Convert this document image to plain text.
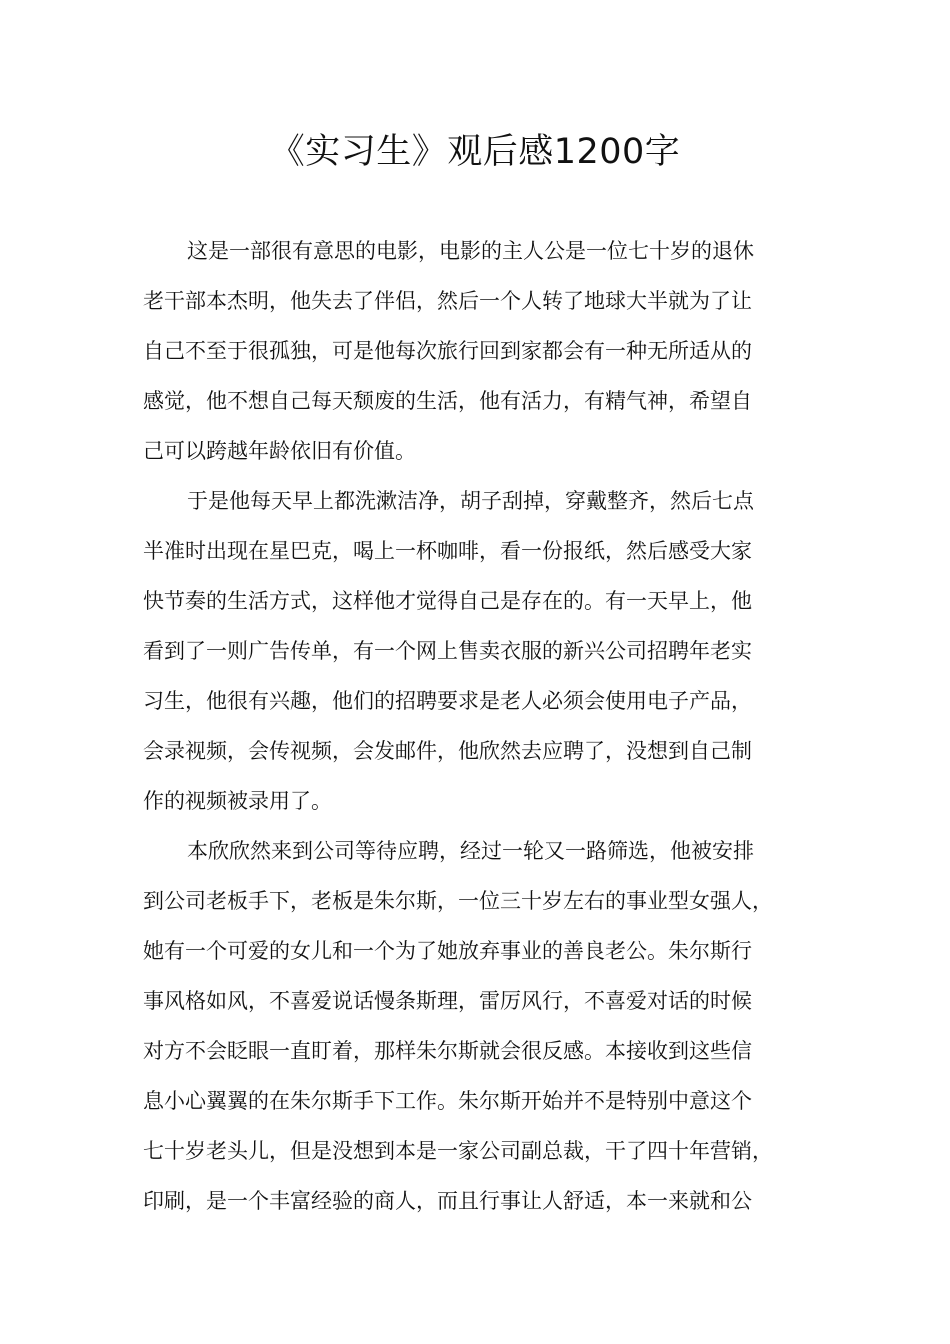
《实习生》观后感1200字
这是一部很有意思的电影，电影的主人公是一位七十岁的退休
老干部本杰明，他失去了伴侣，然后一个人转了地球大半就为了让
自己不至于很孤独，可是他每次旅行回到家都会有一种无所适从的
感觉，他不想自己每天颓废的生活，他有活力，有精气神，希望自
己可以跨越年龄依旧有价值。
于是他每天早上都洗漱洁净，胡子刮掉，穿戴整齐，然后七点
半准时出现在星巴克，喝上一杯咖啡，看一份报纸，然后感受大家
快节奏的生活方式，这样他才觉得自己是存在的。有一天早上，他
看到了一则广告传单，有一个网上售卖衣服的新兴公司招聘年老实
习生，他很有兴趣，他们的招聘要求是老人必须会使用电子产品，
会录视频，会传视频，会发邮件，他欣然去应聘了，没想到自己制
作的视频被录用了。
本欣欣然来到公司等待应聘，经过一轮又一路筛选，他被安排
到公司老板手下，老板是朱尔斯，一位三十岁左右的事业型女强人，
她有一个可爱的女儿和一个为了她放弃事业的善良老公。朱尔斯行
事风格如风，不喜爱说话慢条斯理，雷厉风行，不喜爱对话的时候
对方不会眨眼一直盯着，那样朱尔斯就会很反感。本接收到这些信
息小心翼翼的在朱尔斯手下工作。朱尔斯开始并不是特别中意这个
七十岁老头儿，但是没想到本是一家公司副总裁，干了四十年营销，
印刷，是一个丰富经验的商人，而且行事让人舒适，本一来就和公
